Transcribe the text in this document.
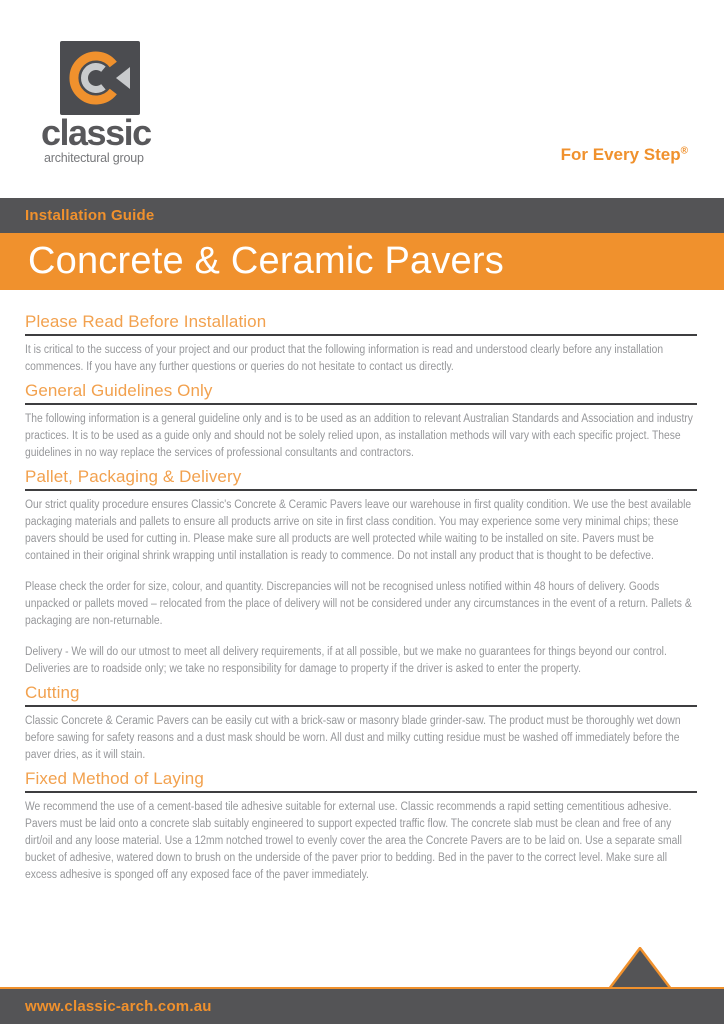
classic
architectural group	For Every Step®
Installation Guide
Concrete & Ceramic Pavers
Please Read Before Installation

It is critical to the success of your project and our product that the following information is read and understood clearly before any installation commences. If you have any further questions or queries do not hesitate to contact us directly.

General Guidelines Only

The following information is a general guideline only and is to be used as an addition to relevant Australian Standards and Association and industry practices. It is to be used as a guide only and should not be solely relied upon, as installation methods will vary with each specific project. These guidelines in no way replace the services of professional consultants and contractors.

Pallet, Packaging & Delivery

Our strict quality procedure ensures Classic's Concrete & Ceramic Pavers leave our warehouse in first quality condition. We use the best available packaging materials and pallets to ensure all products arrive on site in first class condition. You may experience some very minimal chips; these pavers should be used for cutting in. Please make sure all products are well protected while waiting to be installed on site. Pavers must be contained in their original shrink wrapping until installation is ready to commence. Do not install any product that is thought to be defective.

Please check the order for size, colour, and quantity. Discrepancies will not be recognised unless notified within 48 hours of delivery. Goods unpacked or pallets moved – relocated from the place of delivery will not be considered under any circumstances in the event of a return. Pallets & packaging are non-returnable.

Delivery - We will do our utmost to meet all delivery requirements, if at all possible, but we make no guarantees for things beyond our control. Deliveries are to roadside only; we take no responsibility for damage to property if the driver is asked to enter the property.

Cutting

Classic Concrete & Ceramic Pavers can be easily cut with a brick-saw or masonry blade grinder-saw. The product must be thoroughly wet down before sawing for safety reasons and a dust mask should be worn. All dust and milky cutting residue must be washed off immediately before the paver dries, as it will stain.

Fixed Method of Laying

We recommend the use of a cement-based tile adhesive suitable for external use. Classic recommends a rapid setting cementitious adhesive. Pavers must be laid onto a concrete slab suitably engineered to support expected traffic flow. The concrete slab must be clean and free of any dirt/oil and any loose material. Use a 12mm notched trowel to evenly cover the area the Concrete Pavers are to be laid on. Use a separate small bucket of adhesive, watered down to brush on the underside of the paver prior to bedding. Bed in the paver to the correct level. Make sure all excess adhesive is sponged off any exposed face of the paver immediately.

www.classic-arch.com.au
